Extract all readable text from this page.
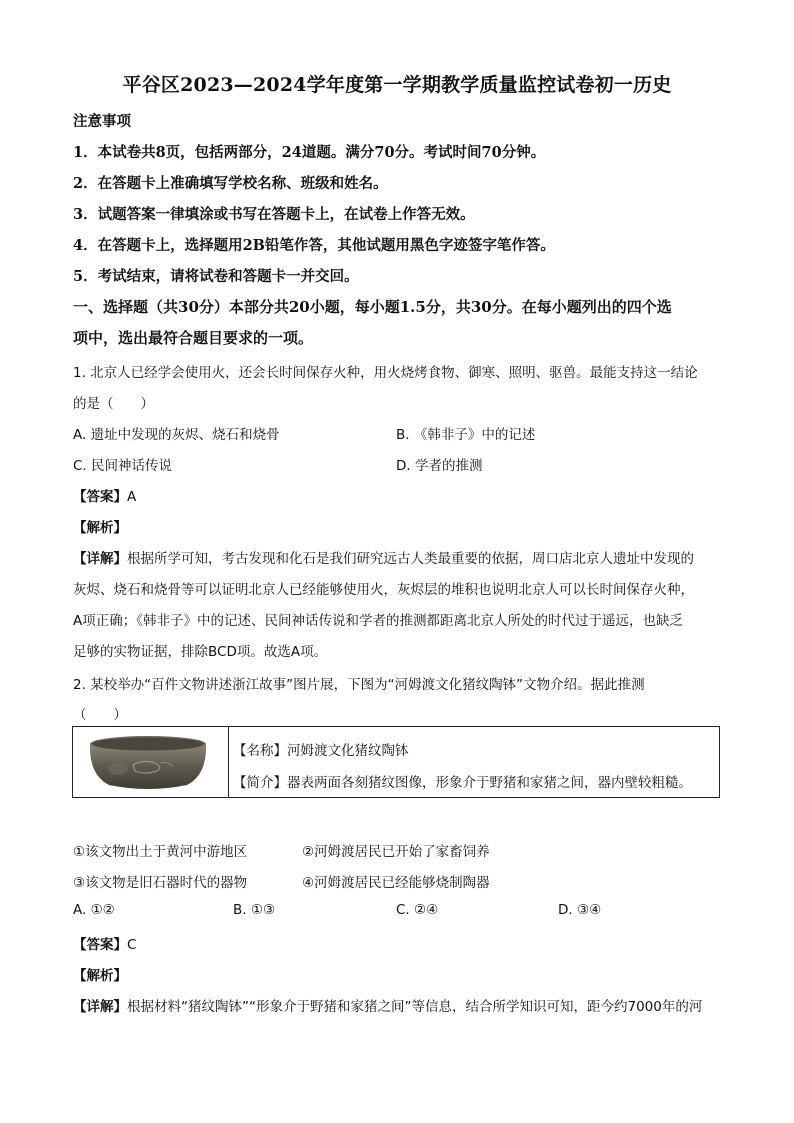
平谷区2023—2024学年度第一学期教学质量监控试卷初一历史
注意事项
1．本试卷共8页，包括两部分，24道题。满分70分。考试时间70分钟。
2．在答题卡上准确填写学校名称、班级和姓名。
3．试题答案一律填涂或书写在答题卡上，在试卷上作答无效。
4．在答题卡上，选择题用2B铅笔作答，其他试题用黑色字迹签字笔作答。
5．考试结束，请将试卷和答题卡一并交回。
一、选择题（共30分）本部分共20小题，每小题1.5分，共30分。在每小题列出的四个选
项中，选出最符合题目要求的一项。
1. 北京人已经学会使用火，还会长时间保存火种，用火烧烤食物、御寒、照明、驱兽。最能支持这一结论
的是（　　）
A. 遗址中发现的灰烬、烧石和烧骨	B. 《韩非子》中的记述
C. 民间神话传说	D. 学者的推测
【答案】A
【解析】
【详解】根据所学可知，考古发现和化石是我们研究远古人类最重要的依据，周口店北京人遗址中发现的
灰烬、烧石和烧骨等可以证明北京人已经能够使用火，灰烬层的堆积也说明北京人可以长时间保存火种，
A项正确；《韩非子》中的记述、民间神话传说和学者的推测都距离北京人所处的时代过于遥远，也缺乏
足够的实物证据，排除BCD项。故选A项。
2. 某校举办“百件文物讲述浙江故事”图片展，下图为“河姆渡文化猪纹陶钵”文物介绍。据此推测
（　　）
【名称】河姆渡文化猪纹陶钵
【简介】器表两面各刻猪纹图像，形象介于野猪和家猪之间，器内壁较粗糙。
①该文物出土于黄河中游地区	②河姆渡居民已开始了家畜饲养
③该文物是旧石器时代的器物	④河姆渡居民已经能够烧制陶器
A. ①②	B. ①③	C. ②④	D. ③④
【答案】C
【解析】
【详解】根据材料“猪纹陶钵”“形象介于野猪和家猪之间”等信息，结合所学知识可知，距今约7000年的河
